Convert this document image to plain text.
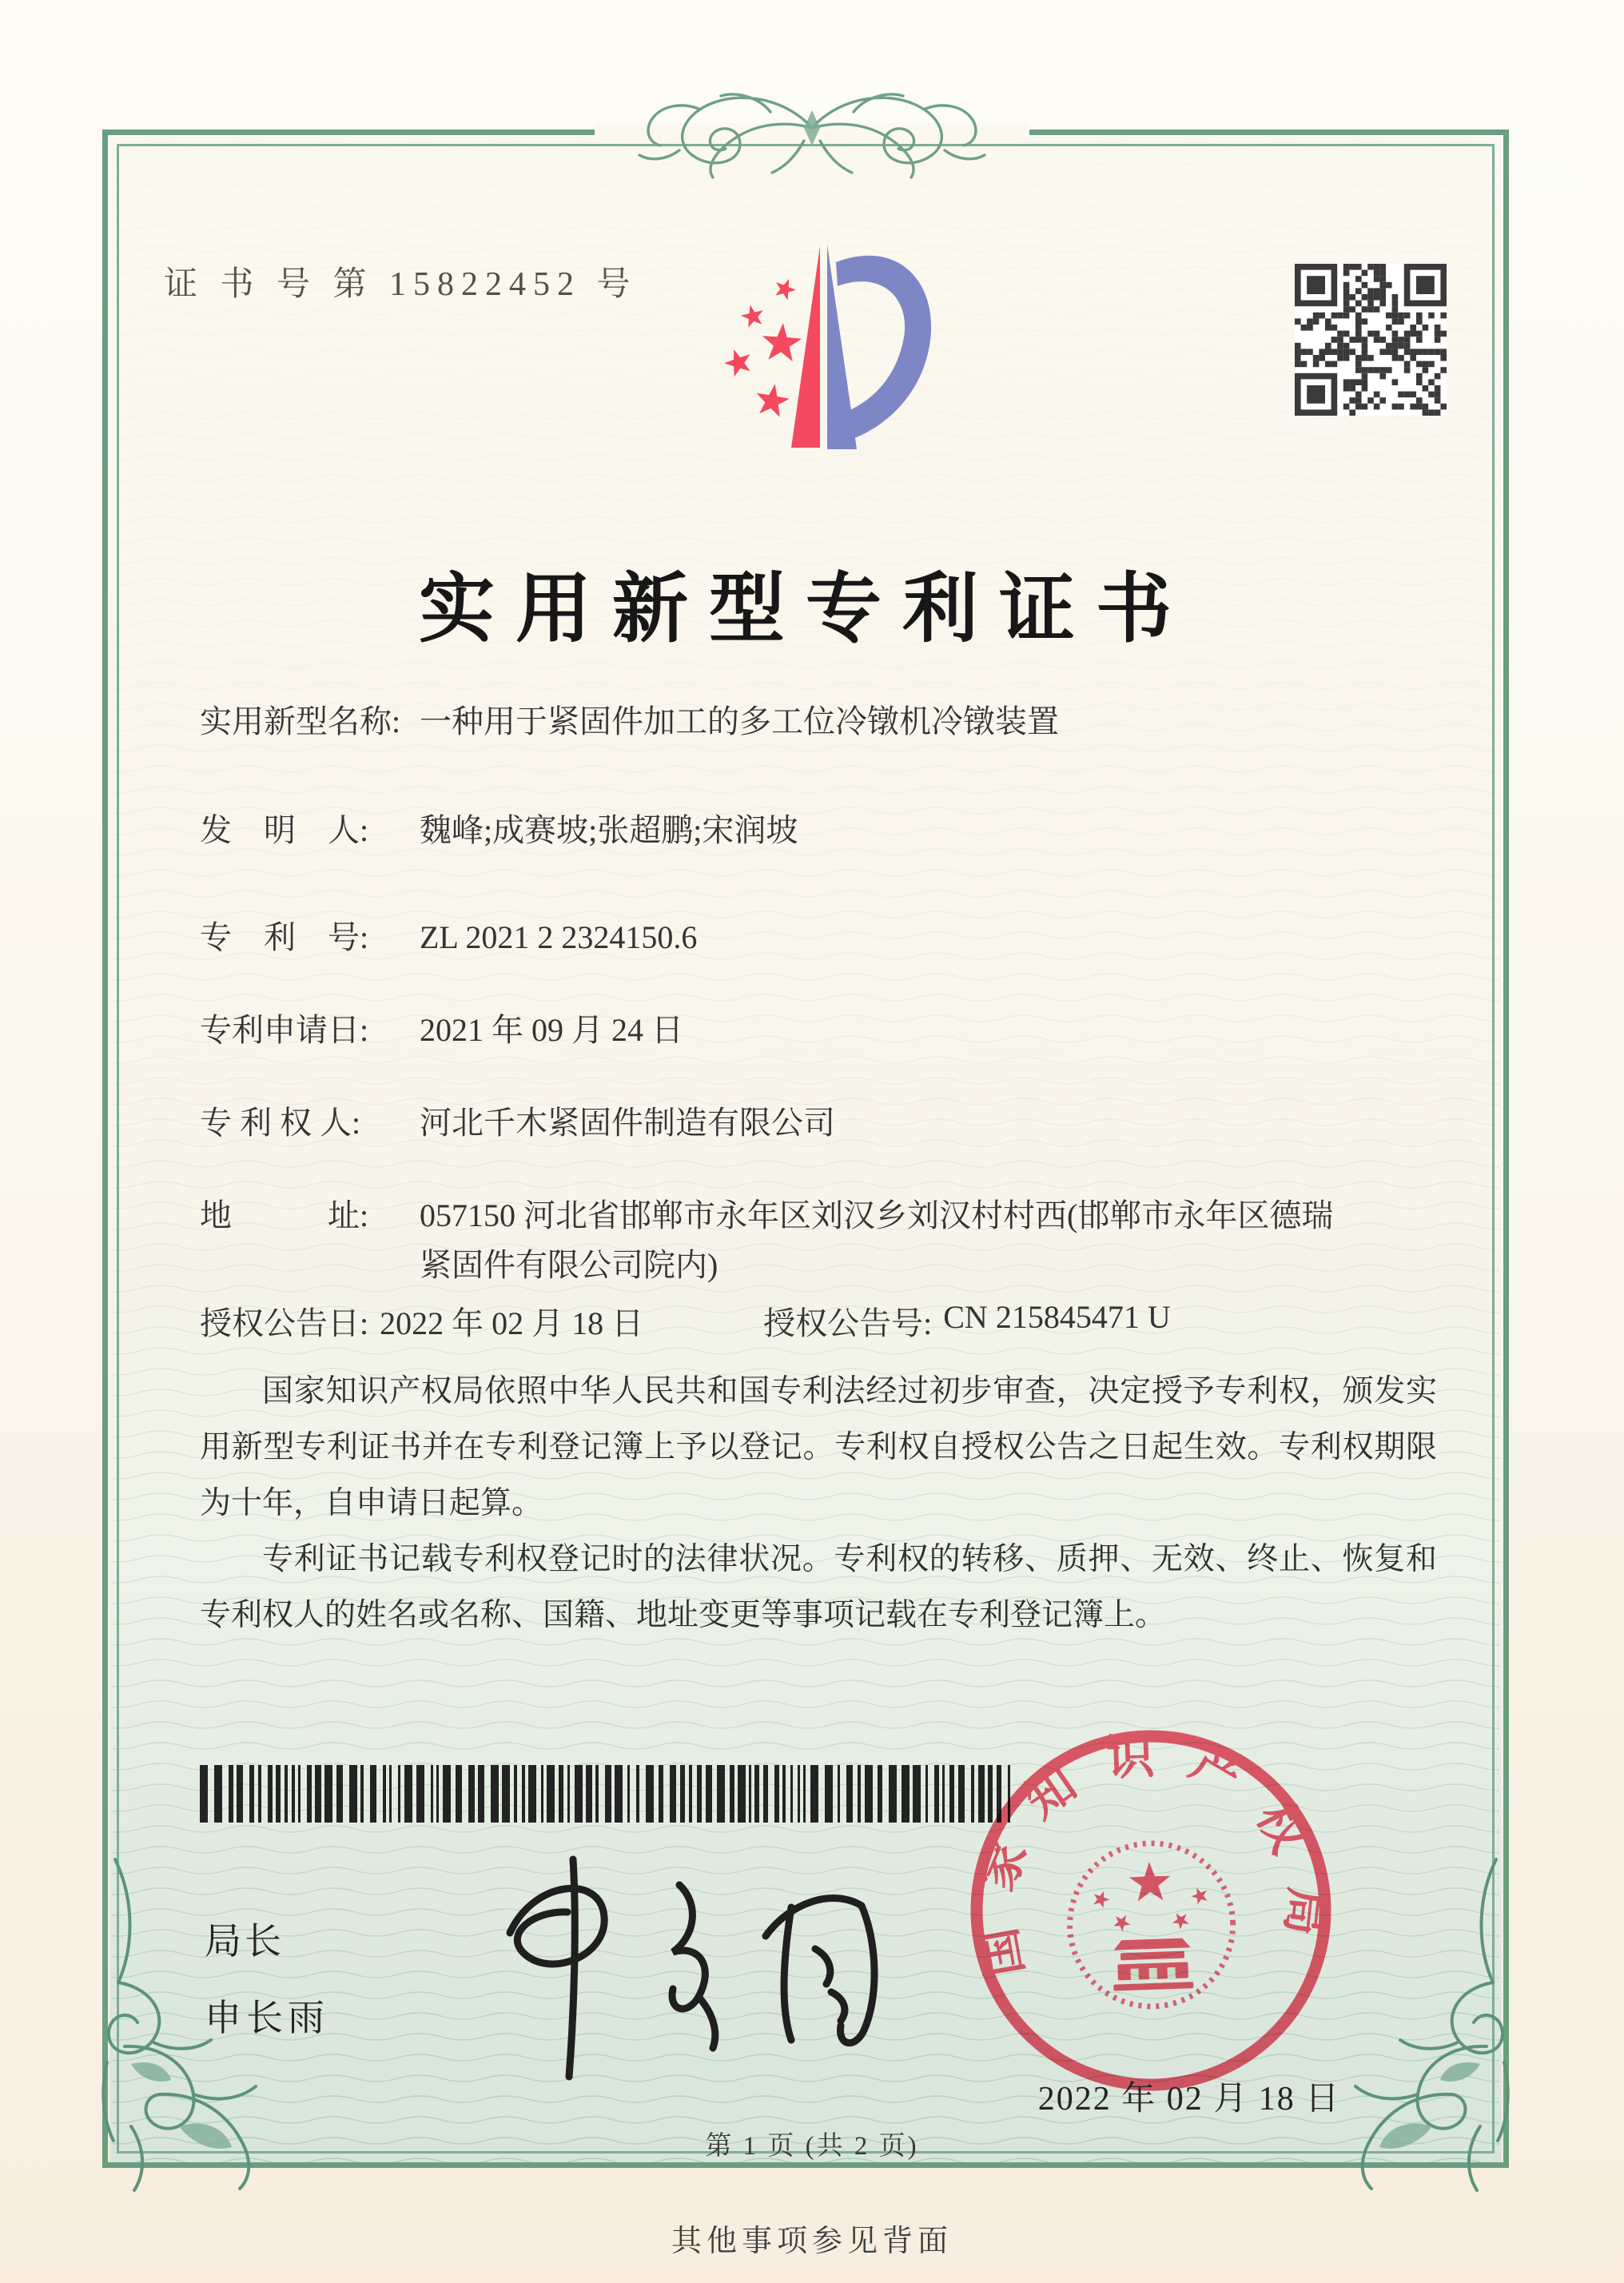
证 书 号 第 15822452 号
实用新型专利证书
实用新型名称: 一种用于紧固件加工的多工位冷镦机冷镦装置
发　明　人:	魏峰;成赛坡;张超鹏;宋润坡
专　利　号:	ZL 2021 2 2324150.6
专利申请日:	2021 年 09 月 24 日
专 利 权 人:	河北千木紧固件制造有限公司
地　　　址:	057150 河北省邯郸市永年区刘汉乡刘汉村村西(邯郸市永年区德瑞紧固件有限公司院内)
授权公告日: 2022 年 02 月 18 日	授权公告号: CN 215845471 U

国家知识产权局依照中华人民共和国专利法经过初步审查，决定授予专利权，颁发实用新型专利证书并在专利登记簿上予以登记。专利权自授权公告之日起生效。专利权期限为十年，自申请日起算。

专利证书记载专利权登记时的法律状况。专利权的转移、质押、无效、终止、恢复和专利权人的姓名或名称、国籍、地址变更等事项记载在专利登记簿上。

局长
申长雨
国家知识产权局
2022 年 02 月 18 日
第 1 页 (共 2 页)
其他事项参见背面
